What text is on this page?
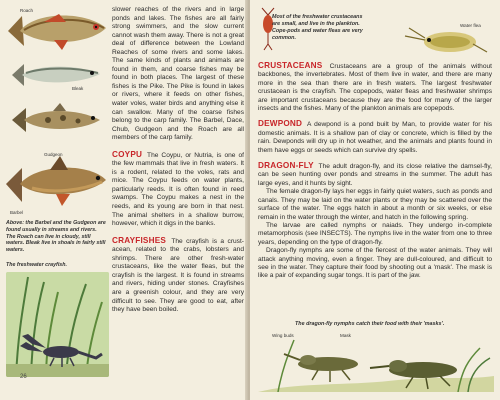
Roach
Bleak
Gudgeon
Barbel
Above: the Barbel and the Gudgeon are found usually in streams and rivers. The Roach can live in cloudy, still waters. Bleak live in shoals in fairly still waters.
The freshwater crayfish.

slower reaches of the rivers and in large ponds and lakes. The fishes are all fairly strong swimmers, and the slow current cannot wash them away. There is not a great deal of difference between the Lowland Reaches of some rivers and some lakes. The same kinds of plants and animals are found in them, and coarse fishes may be found in both places. The largest of these fishes is the Pike. The Pike is found in lakes or rivers, where it feeds on other fishes, water voles, water birds and anything else it can swallow. Many of the coarse fishes belong to the carp family. The Barbel, Dace, Chub, Gudgeon and the Roach are all members of the carp family.

COYPU The Coypu, or Nutria, is one of the few mammals that live in fresh waters. It is a rodent, related to the voles, rats and mice. The Coypu feeds on water plants, particularly reeds. It is often found in reed swamps. The Coypu makes a nest in the reeds, and its young are born in that nest. The animal shelters in a shallow burrow, however, which it digs in the banks.

CRAYFISHES The crayfish is a crust-acean, related to the crabs, lobsters and shrimps. There are other fresh-water crustaceans, like the water fleas, but the crayfish is the largest. It is found in streams and rivers, hiding under stones. Crayfishes are a greenish colour, and they are very difficult to see. They are good to eat, after they have been boiled.

26
Most of the freshwater crustaceans are small, and live in the plankton. Cope-pods and water fleas are very common.
Water flea

CRUSTACEANS Crustaceans are a group of the animals without backbones, the invertebrates. Most of them live in water, and there are many more in the sea than there are in fresh waters. The largest freshwater crustacean is the crayfish. The copepods, water fleas and freshwater shrimps are important crustaceans because they are the food for many of the larger insects and the fishes. Many of the plankton animals are copepods.

DEWPOND A dewpond is a pond built by Man, to provide water for his domestic animals. It is a shallow pan of clay or concrete, which is filled by the rain. Dewponds will dry up in hot weather, and the animals and plants found in them have eggs or seeds which can survive dry spells.

DRAGON-FLY The adult dragon-fly, and its close relative the damsel-fly, can be seen hunting over ponds and streams in the summer. The adult has large eyes, and it hunts by sight.

The female dragon-fly lays her eggs in fairly quiet waters, such as ponds and canals. They may be laid on the water plants or they may be scattered over the surface of the water. The eggs hatch in about a month or six weeks, or else remain in the water through the winter, and hatch in the following spring.

The larvae are called nymphs or naiads. They undergo in-complete metamorphosis (see INSECTS). The nymphs live in the water from one to three years, depending on the type of dragon-fly.

Dragon-fly nymphs are some of the fiercest of the water animals. They will attack anything moving, even a finger. They are dull-coloured, and difficult to see in the water. They capture their food by shooting out a 'mask'. The mask is like a pair of expanding sugar tongs. It is part of the jaw.

The dragon-fly nymphs catch their food with their 'masks'.
Wing buds	Mask
